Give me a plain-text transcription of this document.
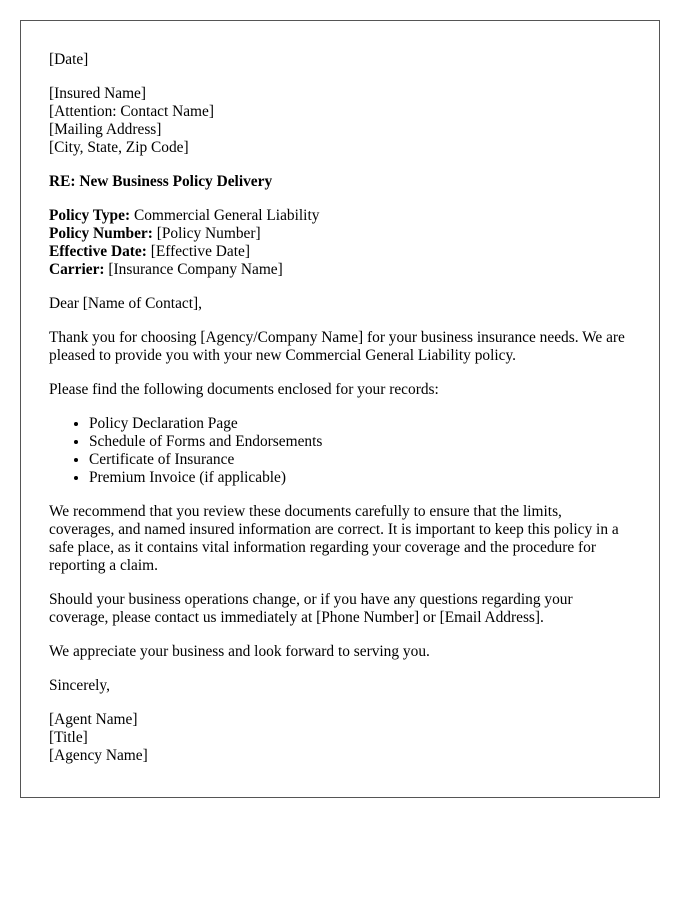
[Date]

[Insured Name]
[Attention: Contact Name]
[Mailing Address]
[City, State, Zip Code]

RE: New Business Policy Delivery

Policy Type: Commercial General Liability
Policy Number: [Policy Number]
Effective Date: [Effective Date]
Carrier: [Insurance Company Name]

Dear [Name of Contact],

Thank you for choosing [Agency/Company Name] for your business insurance needs. We are pleased to provide you with your new Commercial General Liability policy.

Please find the following documents enclosed for your records:

• Policy Declaration Page
• Schedule of Forms and Endorsements
• Certificate of Insurance
• Premium Invoice (if applicable)

We recommend that you review these documents carefully to ensure that the limits, coverages, and named insured information are correct. It is important to keep this policy in a safe place, as it contains vital information regarding your coverage and the procedure for reporting a claim.

Should your business operations change, or if you have any questions regarding your coverage, please contact us immediately at [Phone Number] or [Email Address].

We appreciate your business and look forward to serving you.

Sincerely,

[Agent Name]
[Title]
[Agency Name]
